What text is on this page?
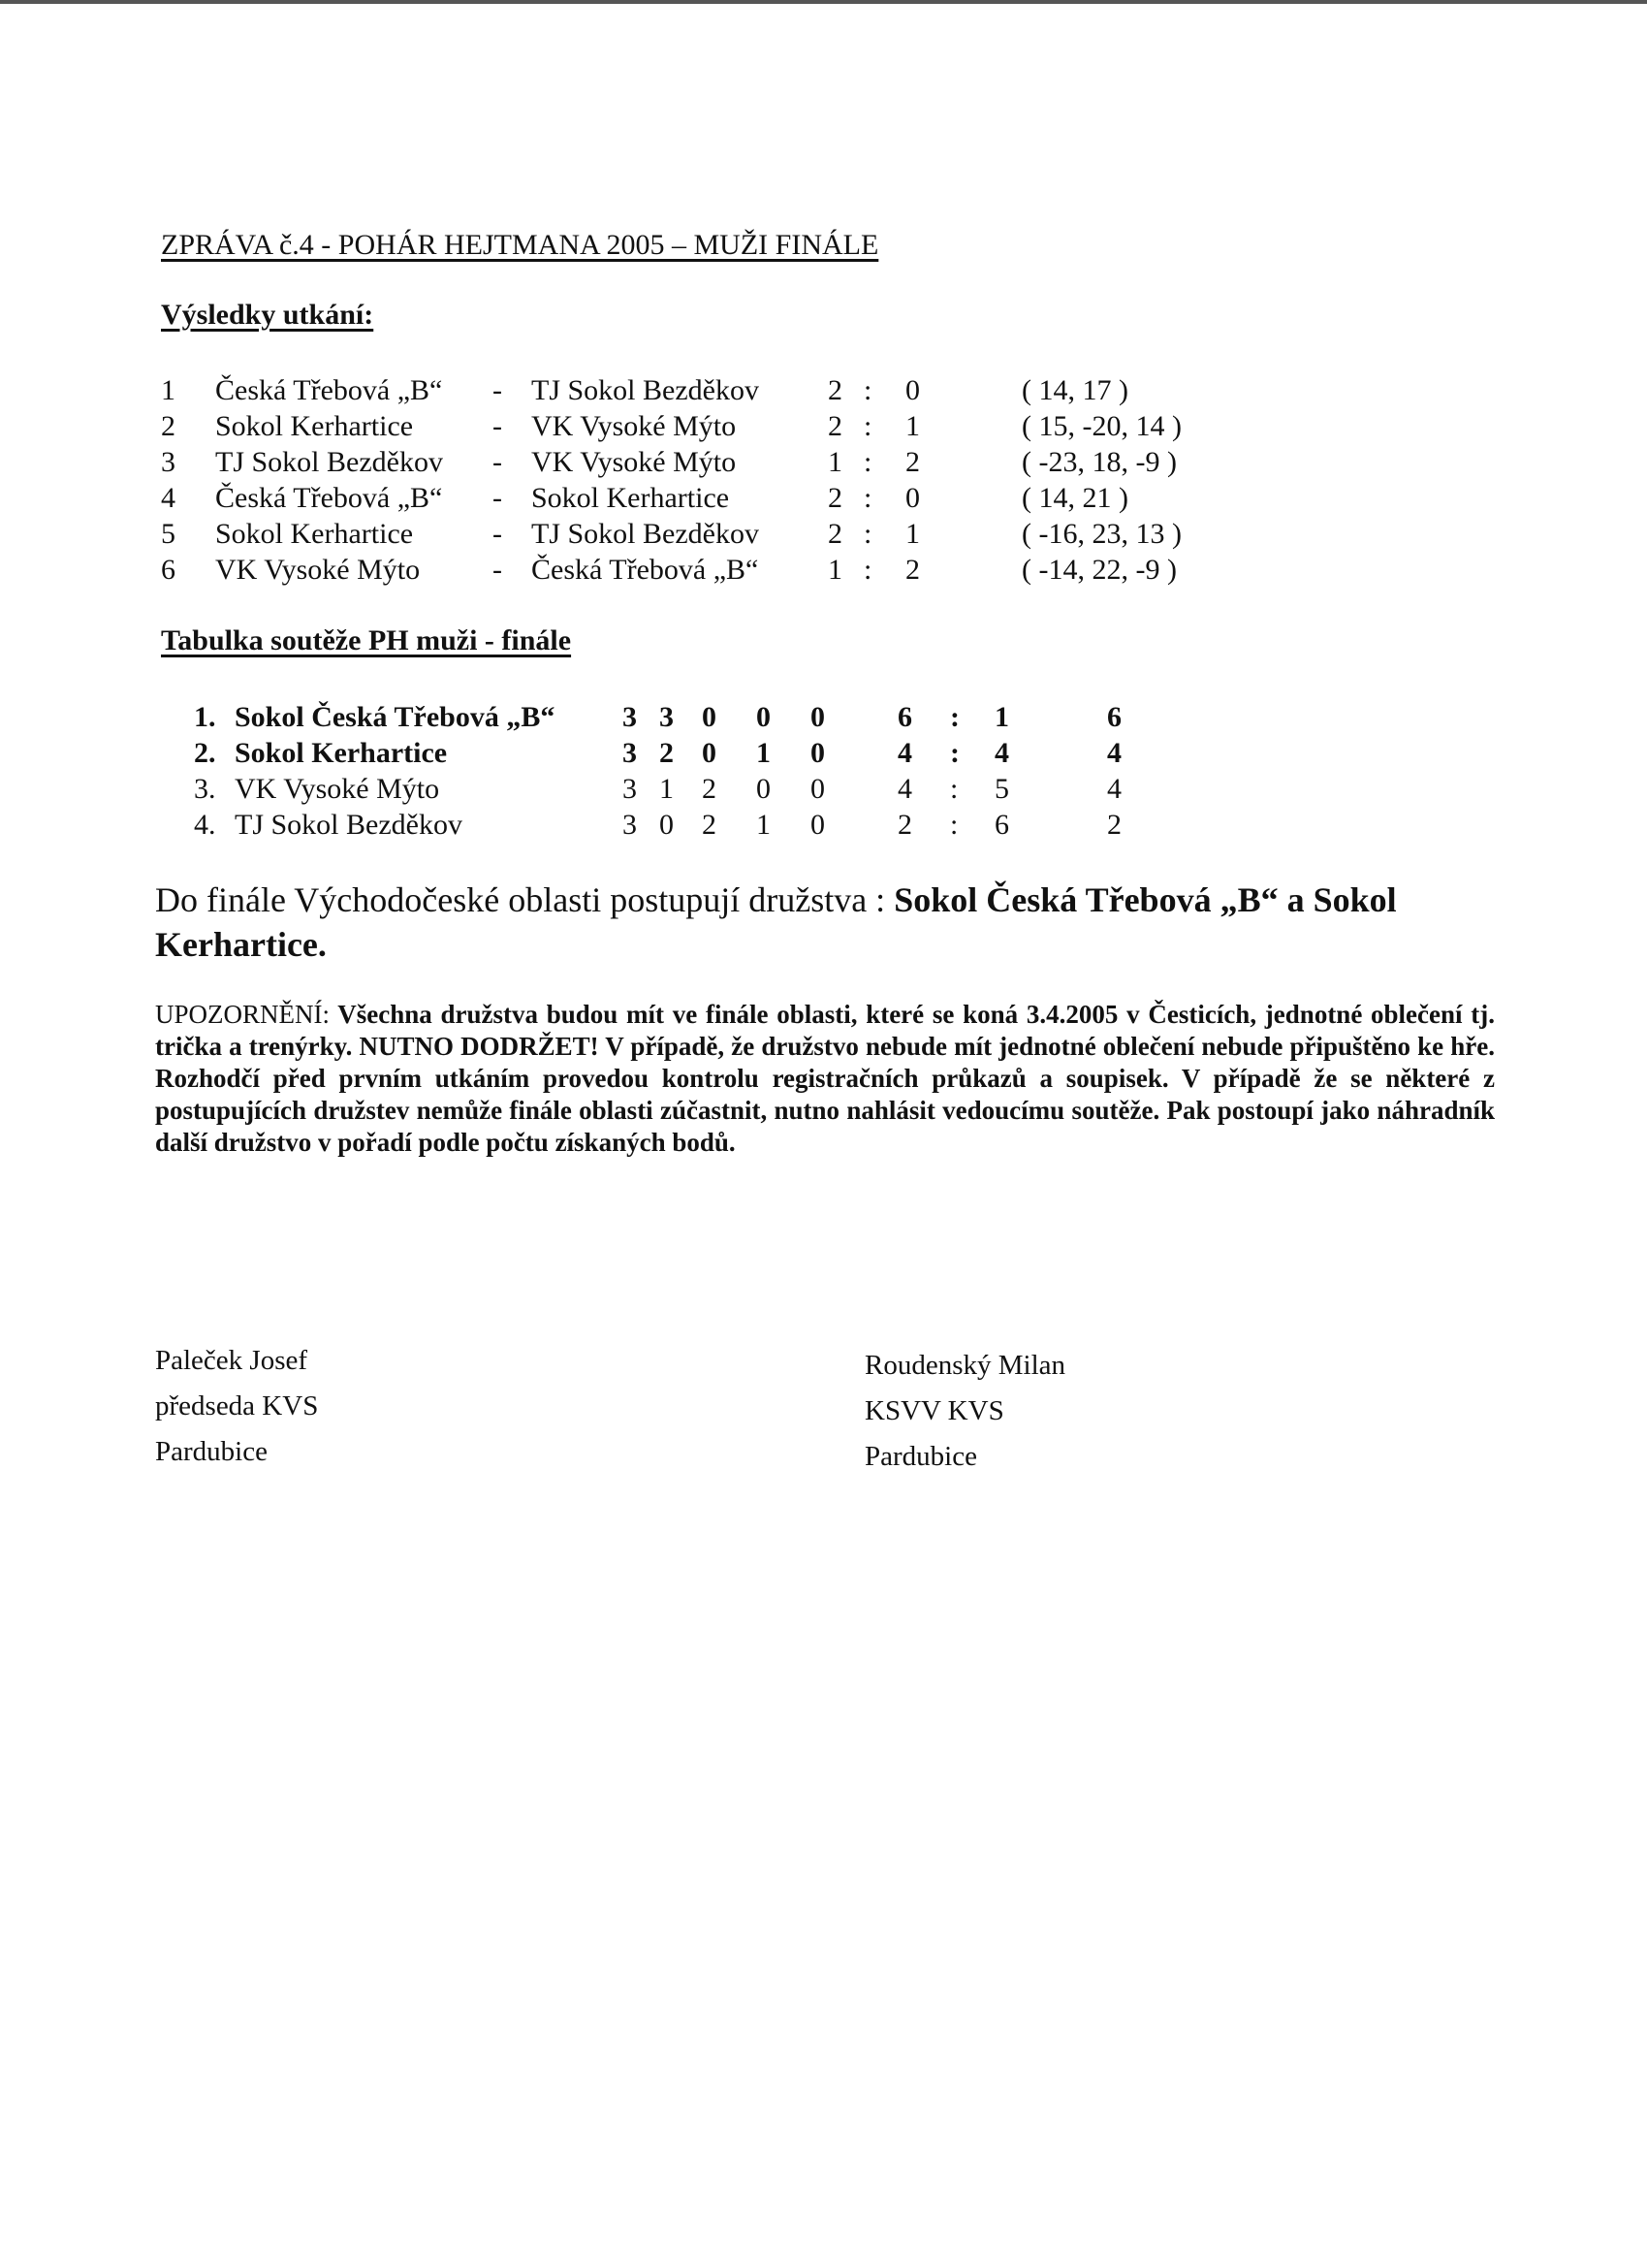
ZPRÁVA č.4 - POHÁR HEJTMANA 2005 – MUŽI FINÁLE
Výsledky utkání:
1 Česká Třebová „B“ - TJ Sokol Bezděkov 2 : 0	( 14, 17 )
2 Sokol Kerhartice	- VK Vysoké Mýto	2 : 1	( 15, -20, 14 )
3 TJ Sokol Bezděkov - VK Vysoké Mýto	1 : 2	( -23, 18, -9 )
4 Česká Třebová „B“ - Sokol Kerhartice	2 : 0	( 14, 21 )
5 Sokol Kerhartice	- TJ Sokol Bezděkov 2 : 1	( -16, 23, 13 )
6 VK Vysoké Mýto - Česká Třebová „B“ 1 : 2	( -14, 22, -9 )
Tabulka soutěže PH muži - finále
1. Sokol Česká Třebová „B“ 3 3 0 0 0	6 : 1	6
2. Sokol Kerhartice	3 2 0 1 0	4 : 4	4
3. VK Vysoké Mýto	3 1 2 0 0	4 : 5	4
4. TJ Sokol Bezděkov	3 0 2 1 0	2 : 6	2
Do finále Východočeské oblasti postupují družstva : Sokol Česká Třebová „B“ a Sokol Kerhartice.
UPOZORNĚNÍ: Všechna družstva budou mít ve finále oblasti, které se koná 3.4.2005 v Česticích, jednotné oblečení tj. trička a trenýrky. NUTNO DODRŽET! V případě, že družstvo nebude mít jednotné oblečení nebude připuštěno ke hře. Rozhodčí před prvním utkáním provedou kontrolu registračních průkazů a soupisek. V případě že se některé z postupujících družstev nemůže finále oblasti zúčastnit, nutno nahlásit vedoucímu soutěže. Pak postoupí jako náhradník další družstvo v pořadí podle počtu získaných bodů.
Paleček Josef
předseda KVS
Pardubice
Roudenský Milan
KSVV KVS
Pardubice
